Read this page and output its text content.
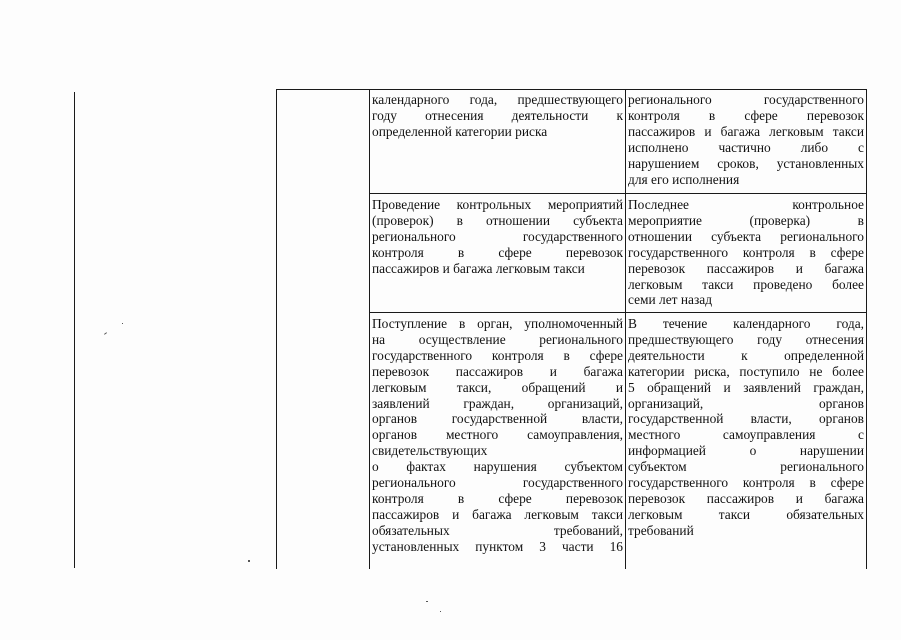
календарного года, предшествующего
году отнесения деятельности к
определенной категории риска
регионального государственного
контроля в сфере перевозок
пассажиров и багажа легковым такси
исполнено частично либо с
нарушением сроков, установленных
для его исполнения
Проведение контрольных мероприятий
(проверок) в отношении субъекта
регионального государственного
контроля в сфере перевозок
пассажиров и багажа легковым такси
Последнее контрольное
мероприятие (проверка) в
отношении субъекта регионального
государственного контроля в сфере
перевозок пассажиров и багажа
легковым такси проведено более
семи лет назад
Поступление в орган, уполномоченный
на осуществление регионального
государственного контроля в сфере
перевозок пассажиров и багажа
легковым такси, обращений и
заявлений граждан, организаций,
органов государственной власти,
органов местного самоуправления,
свидетельствующих
о фактах нарушения субъектом
регионального государственного
контроля в сфере перевозок
пассажиров и багажа легковым такси
обязательных требований,
установленных пунктом 3 части 16
В течение календарного года,
предшествующего году отнесения
деятельности к определенной
категории риска, поступило не более
5 обращений и заявлений граждан,
организаций, органов
государственной власти, органов
местного самоуправления с
информацией о нарушении
субъектом регионального
государственного контроля в сфере
перевозок пассажиров и багажа
легковым такси обязательных
требований
